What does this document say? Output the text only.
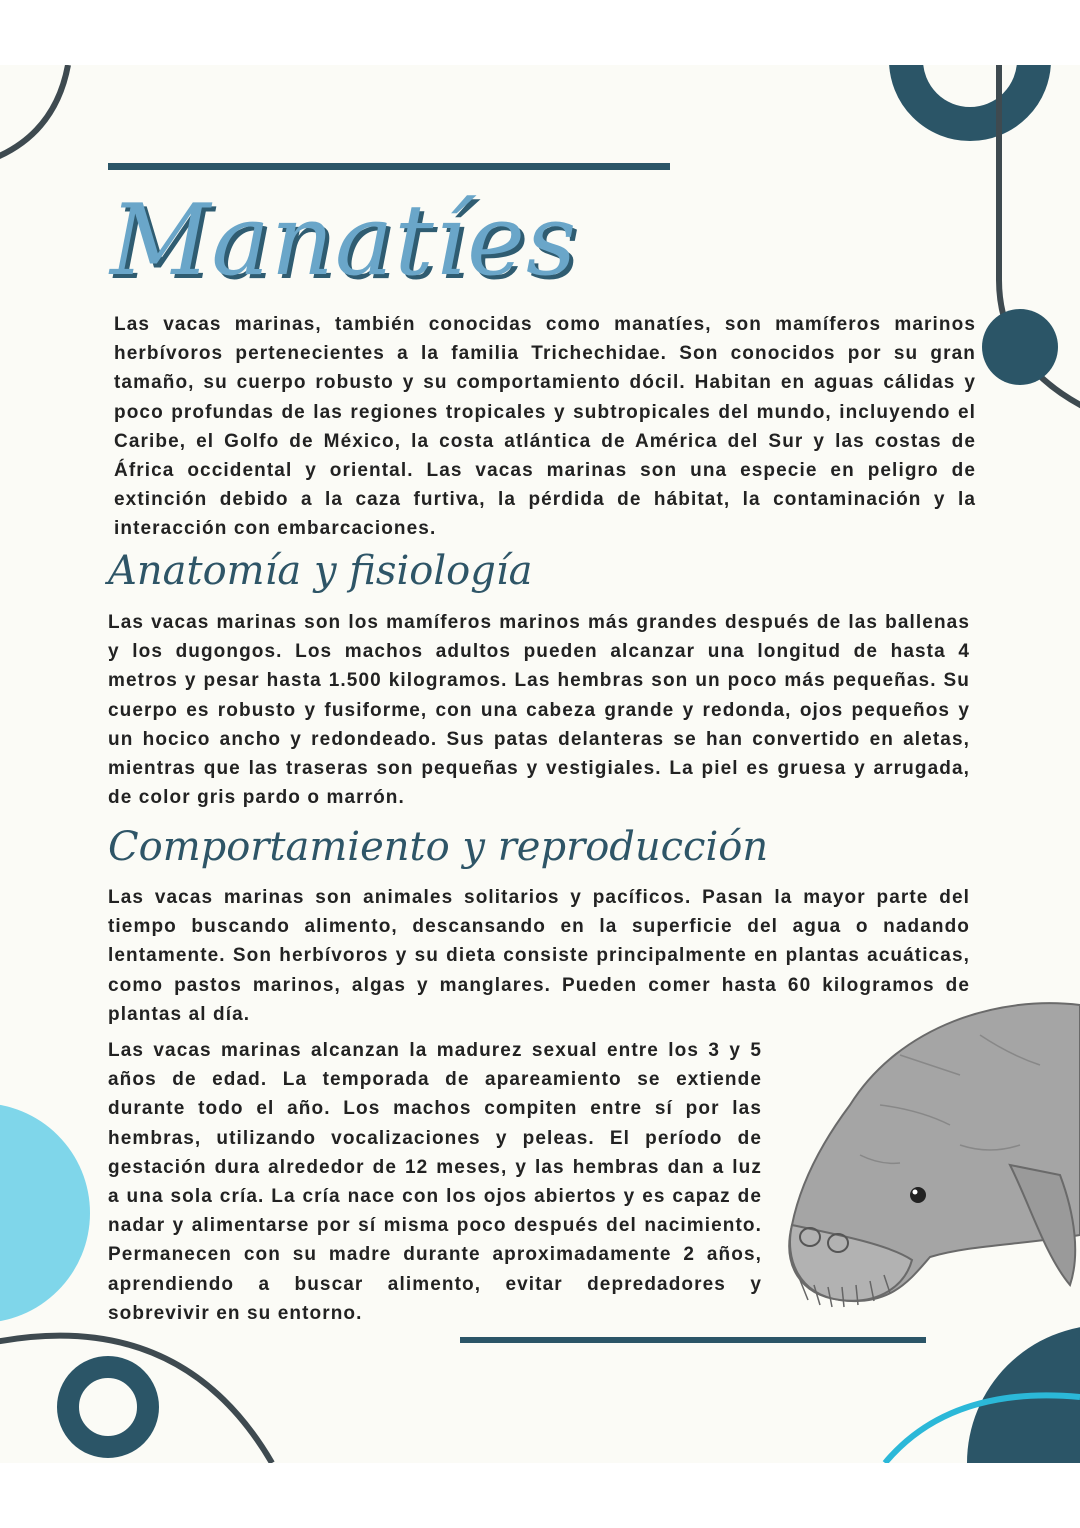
Manatíes

Las vacas marinas, también conocidas como manatíes, son mamíferos marinos herbívoros pertenecientes a la familia Trichechidae. Son conocidos por su gran tamaño, su cuerpo robusto y su comportamiento dócil. Habitan en aguas cálidas y poco profundas de las regiones tropicales y subtropicales del mundo, incluyendo el Caribe, el Golfo de México, la costa atlántica de América del Sur y las costas de África occidental y oriental. Las vacas marinas son una especie en peligro de extinción debido a la caza furtiva, la pérdida de hábitat, la contaminación y la interacción con embarcaciones.

Anatomía y fisiología

Las vacas marinas son los mamíferos marinos más grandes después de las ballenas y los dugongos. Los machos adultos pueden alcanzar una longitud de hasta 4 metros y pesar hasta 1.500 kilogramos. Las hembras son un poco más pequeñas. Su cuerpo es robusto y fusiforme, con una cabeza grande y redonda, ojos pequeños y un hocico ancho y redondeado. Sus patas delanteras se han convertido en aletas, mientras que las traseras son pequeñas y vestigiales. La piel es gruesa y arrugada, de color gris pardo o marrón.

Comportamiento y reproducción

Las vacas marinas son animales solitarios y pacíficos. Pasan la mayor parte del tiempo buscando alimento, descansando en la superficie del agua o nadando lentamente. Son herbívoros y su dieta consiste principalmente en plantas acuáticas, como pastos marinos, algas y manglares. Pueden comer hasta 60 kilogramos de plantas al día.

Las vacas marinas alcanzan la madurez sexual entre los 3 y 5 años de edad. La temporada de apareamiento se extiende durante todo el año. Los machos compiten entre sí por las hembras, utilizando vocalizaciones y peleas. El período de gestación dura alrededor de 12 meses, y las hembras dan a luz a una sola cría. La cría nace con los ojos abiertos y es capaz de nadar y alimentarse por sí misma poco después del nacimiento. Permanecen con su madre durante aproximadamente 2 años, aprendiendo a buscar alimento, evitar depredadores y sobrevivir en su entorno.
